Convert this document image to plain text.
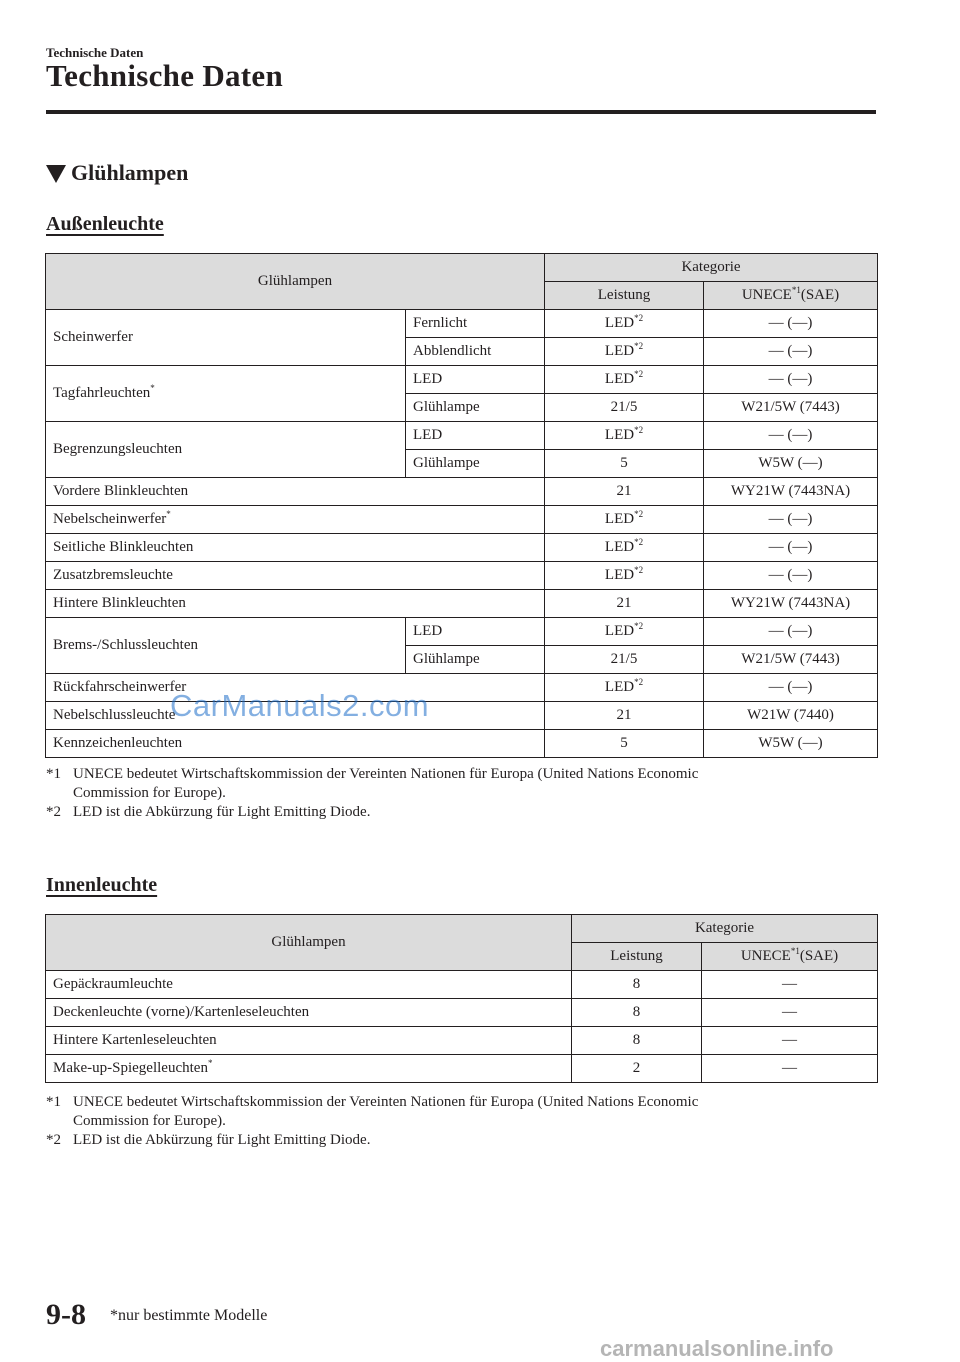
Technische Daten
Technische Daten
Glühlampen
Außenleuchte
Glühlampen		Kategorie	
		Leistung	UNECE$^{*1}$(SAE)
Scheinwerfer	Fernlicht	LED$^{*2}$	— (—)
	Abblendlicht	LED$^{*2}$	— (—)
Tagfahrleuchten*	LED	LED$^{*2}$	— (—)
	Glühlampe	21/5	W21/5W (7443)
Begrenzungsleuchten	LED	LED$^{*2}$	— (—)
	Glühlampe	5	W5W (—)
Vordere Blinkleuchten		21	WY21W (7443NA)
Nebelscheinwerfer*		LED$^{*2}$	— (—)
Seitliche Blinkleuchten		LED$^{*2}$	— (—)
Zusatzbremsleuchte		LED$^{*2}$	— (—)
Hintere Blinkleuchten		21	WY21W (7443NA)
Brems-/Schlussleuchten	LED	LED$^{*2}$	— (—)
	Glühlampe	21/5	W21/5W (7443)
Rückfahrscheinwerfer		LED$^{*2}$	— (—)
Nebelschlussleuchte		21	W21W (7440)
Kennzeichenleuchten		5	W5W (—)
*1 UNECE bedeutet Wirtschaftskommission der Vereinten Nationen für Europa (United Nations Economic
Commission for Europe).
*2 LED ist die Abkürzung für Light Emitting Diode.
Innenleuchte
Glühlampen	Kategorie	
	Leistung	UNECE$^{*1}$(SAE)
Gepäckraumleuchte	8	—
Deckenleuchte (vorne)/Kartenleseleuchten	8	—
Hintere Kartenleseleuchten	8	—
Make-up-Spiegelleuchten*	2	—
*1 UNECE bedeutet Wirtschaftskommission der Vereinten Nationen für Europa (United Nations Economic
Commission for Europe).
*2 LED ist die Abkürzung für Light Emitting Diode.
9-8 *nur bestimmte Modelle
CarManuals2.com
carmanualsonline.info
